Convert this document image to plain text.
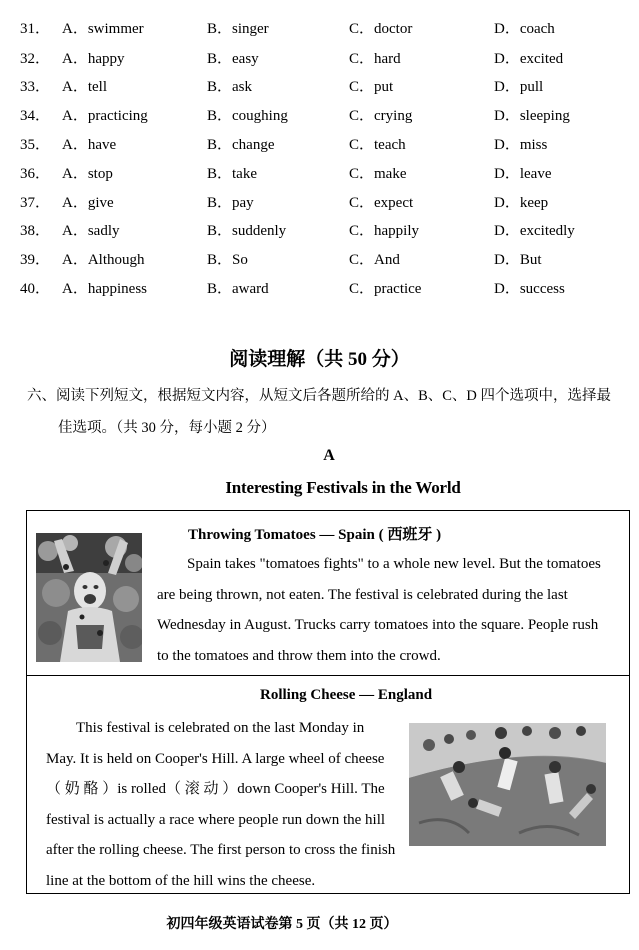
31． A．swimmer	B．singer	C．doctor	D．coach
32． A．happy	B．easy	C．hard	D．excited
33． A．tell	B．ask	C．put	D．pull
34． A．practicing	B．coughing	C．crying	D．sleeping
35． A．have	B．change	C．teach	D．miss
36． A．stop	B．take	C．make	D．leave
37． A．give	B．pay	C．expect	D．keep
38． A．sadly	B．suddenly	C．happily	D．excitedly
39． A．Although	B．So	C．And	D．But
40． A．happiness	B．award	C．practice	D．success
阅读理解（共 50 分）
六、阅读下列短文，根据短文内容，从短文后各题所给的 A、B、C、D 四个选项中，选择最
佳选项。（共 30 分，每小题 2 分）
A
Interesting Festivals in the World
Throwing Tomatoes — Spain ( 西班牙 )

Spain takes "tomatoes fights" to a whole new level. But the tomatoes

are being thrown, not eaten. The festival is celebrated during the last

Wednesday in August. Trucks carry tomatoes into the square. People rush

to the tomatoes and throw them into the crowd.

Rolling Cheese — England

This festival is celebrated on the last Monday in

May. It is held on Cooper's Hill. A large wheel of cheese

（ 奶 酪 ）is rolled（ 滚 动 ）down Cooper's Hill. The

festival is actually a race where people run down the hill

after the rolling cheese. The first person to cross the finish

line at the bottom of the hill wins the cheese.

初四年级英语试卷第 5 页（共 12 页）
